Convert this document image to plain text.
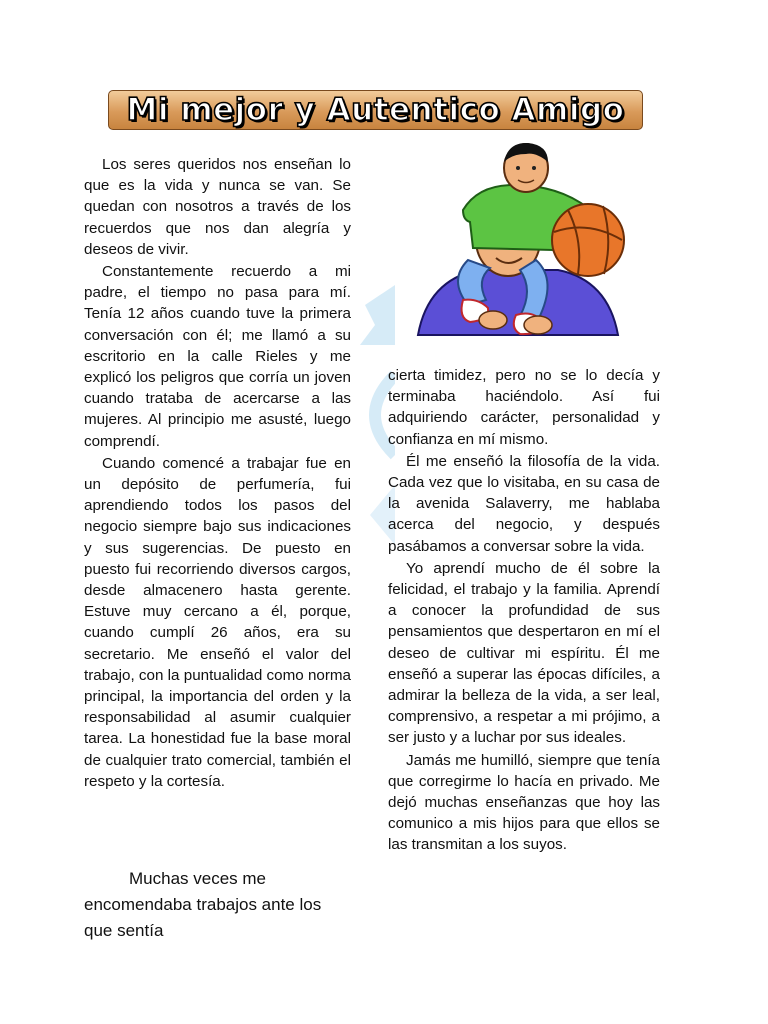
Mi mejor y Autentico Amigo

Los seres queridos nos enseñan lo que es la vida y nunca se van. Se quedan con nosotros a través de los recuerdos que nos dan alegría y deseos de vivir.

Constantemente recuerdo a mi padre, el tiempo no pasa para mí. Tenía 12 años cuando tuve la primera conversación con él; me llamó a su escritorio en la calle Rieles y me explicó los peligros que corría un joven cuando trataba de acercarse a las mujeres. Al principio me asusté, luego comprendí.

Cuando comencé a trabajar fue en un depósito de perfumería, fui aprendiendo todos los pasos del negocio siempre bajo sus indicaciones y sus sugerencias. De puesto en puesto fui recorriendo diversos cargos, desde almacenero hasta gerente. Estuve muy cercano a él, porque, cuando cumplí 26 años, era su secretario. Me enseñó el valor del trabajo, con la puntualidad como norma principal, la importancia del orden y la responsabilidad al asumir cualquier tarea. La honestidad fue la base moral de cualquier trato comercial, también el respeto y la cortesía.

Muchas veces me encomendaba trabajos ante los que sentía

cierta timidez, pero no se lo decía y terminaba haciéndolo. Así fui adquiriendo carácter, personalidad y confianza en mí mismo.

Él me enseñó la filosofía de la vida. Cada vez que lo visitaba, en su casa de la avenida Salaverry, me hablaba acerca del negocio, y después pasábamos a conversar sobre la vida.

Yo aprendí mucho de él sobre la felicidad, el trabajo y la familia. Aprendí a conocer la profundidad de sus pensamientos que despertaron en mí el deseo de cultivar mi espíritu. Él me enseñó a superar las épocas difíciles, a admirar la belleza de la vida, a ser leal, comprensivo, a respetar a mi prójimo, a ser justo y a luchar por sus ideales.

Jamás me humilló, siempre que tenía que corregirme lo hacía en privado. Me dejó muchas enseñanzas que hoy las comunico a mis hijos para que ellos se las transmitan a los suyos.
